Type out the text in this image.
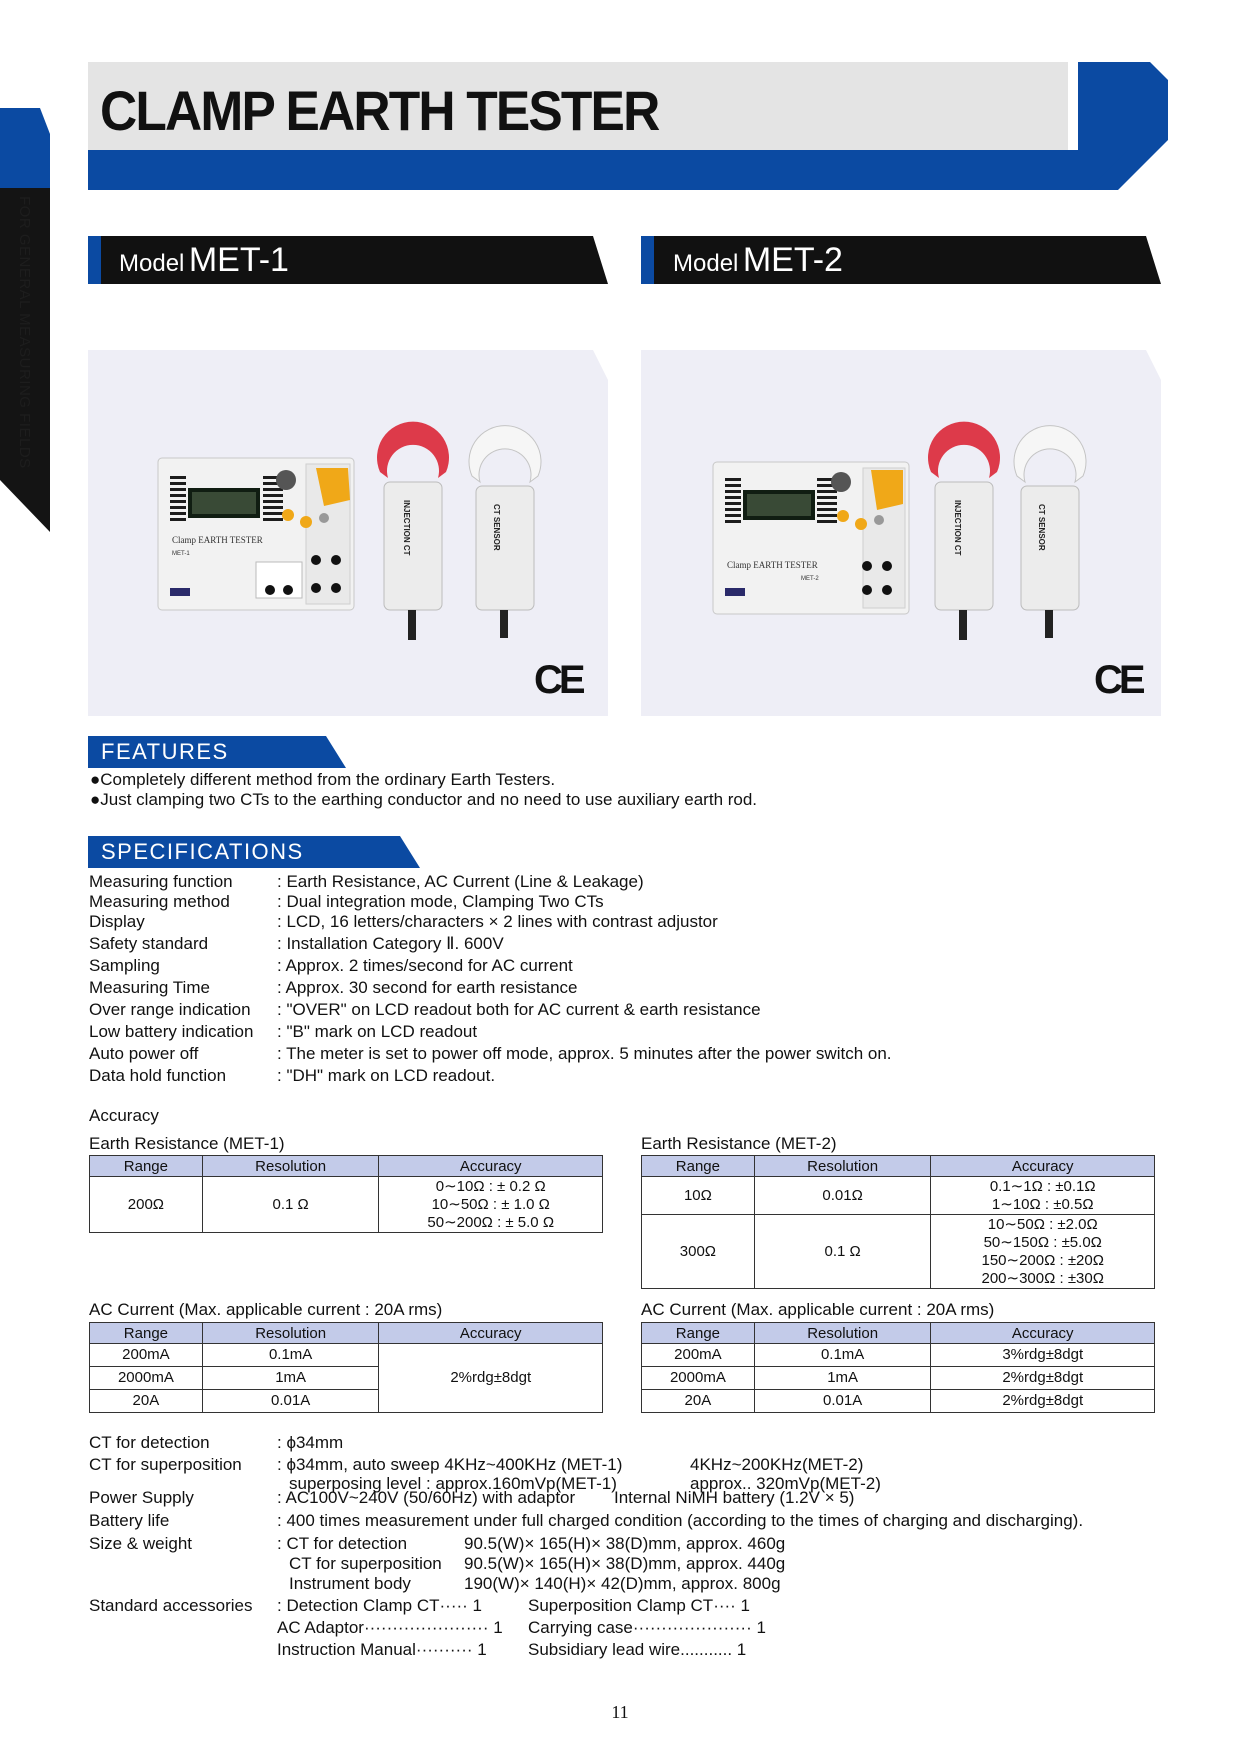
FOR GENERAL MEASURING FIELDS
CLAMP EARTH TESTER
Model MET-1	Model MET-2
Clamp EARTH TESTER
MET-1	INJECTION CT	CT SENSOR
CE
Clamp EARTH TESTER
MET-2
INJECTION CT	CT SENSOR
CE
FEATURES
●Completely different method from the ordinary Earth Testers.
●Just clamping two CTs to the earthing conductor and no need to use auxiliary earth rod.
SPECIFICATIONS
Measuring function	: Earth Resistance, AC Current (Line & Leakage)
Measuring method	: Dual integration mode, Clamping Two CTs
Display	: LCD, 16 letters/characters × 2 lines with contrast adjustor
Safety standard	: Installation Category Ⅱ. 600V
Sampling	: Approx. 2 times/second for AC current
Measuring Time	: Approx. 30 second for earth resistance
Over range indication : "OVER" on LCD readout both for AC current & earth resistance
Low battery indication : "B" mark on LCD readout
Auto power off	: The meter is set to power off mode, approx. 5 minutes after the power switch on.
Data hold function	: "DH" mark on LCD readout.
Accuracy
Earth Resistance (MET-1)
Range	Resolution	Accuracy
200Ω	0.1 Ω	0∼10Ω : ± 0.2 Ω
10∼50Ω : ± 1.0 Ω
50∼200Ω : ± 5.0 Ω
Earth Resistance (MET-2)
Range	Resolution	Accuracy
10Ω	0.01Ω	0.1∼1Ω : ±0.1Ω
1∼10Ω : ±0.5Ω

300Ω	0.1 Ω	10∼50Ω : ±2.0Ω
50∼150Ω : ±5.0Ω
150∼200Ω : ±20Ω
200∼300Ω : ±30Ω
AC Current (Max. applicable current : 20A rms)
Range	Resolution	Accuracy
200mA	0.1mA	2%rdg±8dgt
2000mA	1mA	
20A	0.01A	
AC Current (Max. applicable current : 20A rms)
Range	Resolution	Accuracy
200mA	0.1mA	3%rdg±8dgt
2000mA	1mA	2%rdg±8dgt
20A	0.01A	2%rdg±8dgt
CT for detection	: ϕ34mm
CT for superposition : ϕ34mm, auto sweep 4KHz~400KHz (MET-1)	4KHz~200KHz(MET-2)
superposing level : approx.160mVp(MET-1)	approx.. 320mVp(MET-2)
Power Supply	: AC100V~240V (50/60Hz) with adaptor Internal NiMH battery (1.2V × 5)
Battery life	: 400 times measurement under full charged condition (according to the times of charging and discharging).
Size & weight	: CT for detection	90.5(W)× 165(H)× 38(D)mm, approx. 460g
CT for superposition 90.5(W)× 165(H)× 38(D)mm, approx. 440g
Instrument body	190(W)× 140(H)× 42(D)mm, approx. 800g
Standard accessories : Detection Clamp CT····· 1	Superposition Clamp CT···· 1
AC Adaptor······················ 1 Carrying case····················· 1
Instruction Manual·········· 1 Subsidiary lead wire........... 1
11
